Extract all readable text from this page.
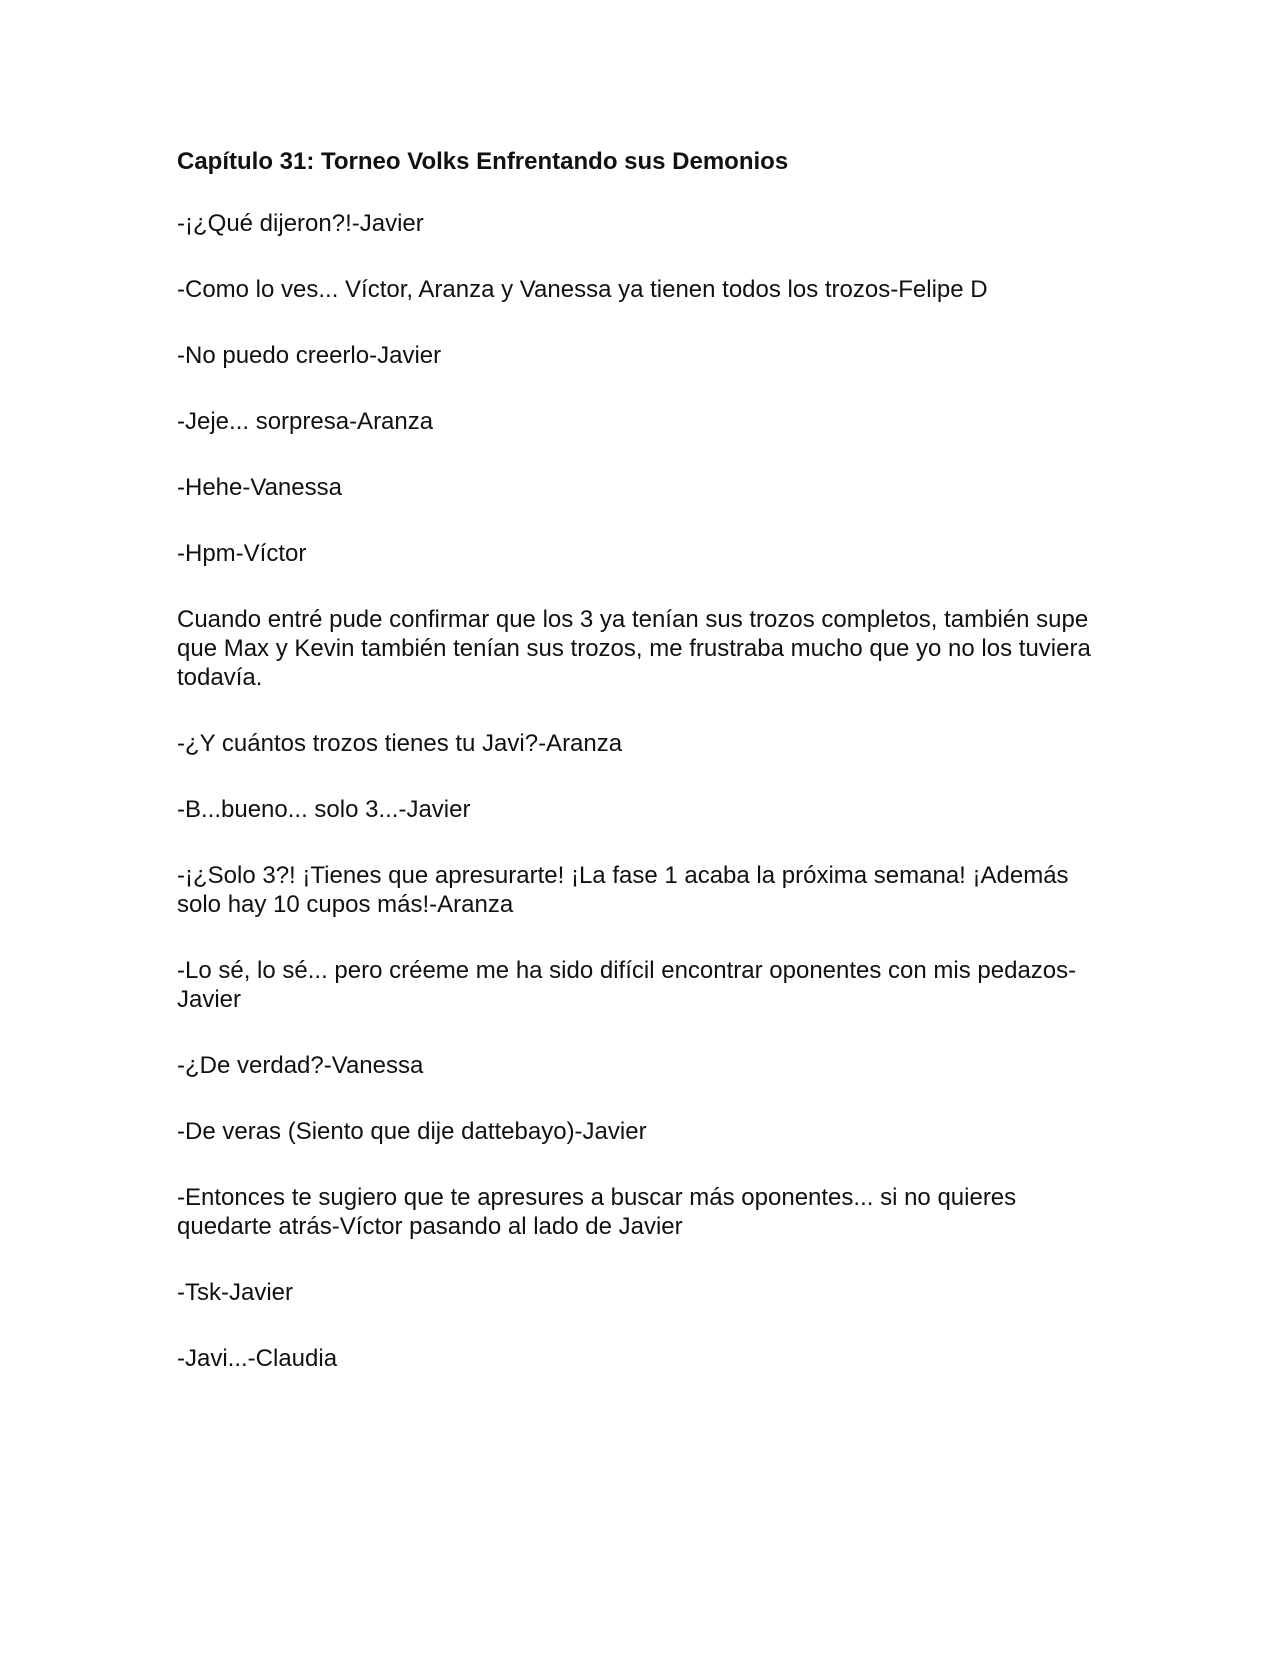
Capítulo 31: Torneo Volks Enfrentando sus Demonios

-¡¿Qué dijeron?!-Javier

-Como lo ves... Víctor, Aranza y Vanessa ya tienen todos los trozos-Felipe D

-No puedo creerlo-Javier

-Jeje... sorpresa-Aranza

-Hehe-Vanessa

-Hpm-Víctor

Cuando entré pude confirmar que los 3 ya tenían sus trozos completos, también supe que Max y Kevin también tenían sus trozos, me frustraba mucho que yo no los tuviera todavía.

-¿Y cuántos trozos tienes tu Javi?-Aranza

-B...bueno... solo 3...-Javier

-¡¿Solo 3?! ¡Tienes que apresurarte! ¡La fase 1 acaba la próxima semana! ¡Además solo hay 10 cupos más!-Aranza

-Lo sé, lo sé... pero créeme me ha sido difícil encontrar oponentes con mis pedazos-Javier

-¿De verdad?-Vanessa

-De veras (Siento que dije dattebayo)-Javier

-Entonces te sugiero que te apresures a buscar más oponentes... si no quieres quedarte atrás-Víctor pasando al lado de Javier

-Tsk-Javier

-Javi...-Claudia
